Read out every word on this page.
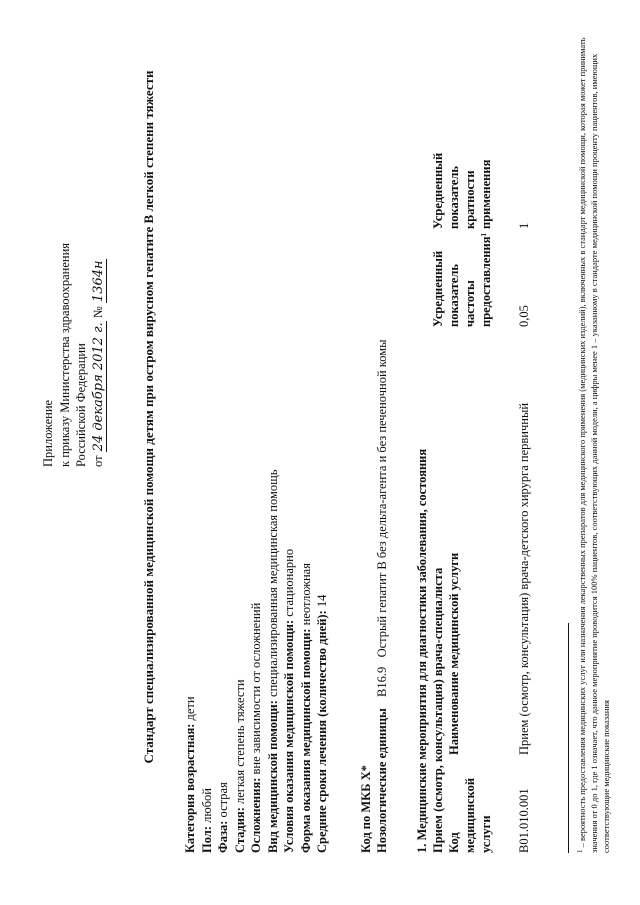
Приложение к приказу Министерства здравоохранения Российской Федерации от 24 декабря 2012 г. № 1364н	Стандарт специализированной медицинской помощи детям при остром вирусном гепатите В легкой степени тяжести
Категория возрастная: дети
Пол: любой
Фаза: острая
Стадия: легкая степень тяжести
Осложнения: вне зависимости от осложнений
Вид медицинской помощи: специализированная медицинская помощь
Условия оказания медицинской помощи: стационарно
Форма оказания медицинской помощи: неотложная
Средние сроки лечения (количество дней): 14
Код по МКБ X* Нозологические единицы
B16.9   Острый гепатит B без дельта-агента и без печеночной комы 1. Медицинские мероприятия для диагностики заболевания, состояния Прием (осмотр, консультация) врача-специалиста Код медицинской услуги
Наименование медицинской услуги
Усредненный показатель частоты предоставления$^1$
Усредненный показатель кратности применения
B01.010.001
Прием (осмотр, консультация) врача-детского хирурга первичный
0,05
1
$^1$ – вероятность предоставления медицинских услуг или назначения лекарственных препаратов для медицинского применения (медицинских изделий), включенных в стандарт медицинской помощи, которая может принимать значения от 0 до 1, где 1 означает, что данное мероприятие проводится 100% пациентов, соответствующих данной модели, а цифры менее 1 – указанному в стандарте медицинской помощи проценту пациентов, имеющих соответствующие медицинские показания
